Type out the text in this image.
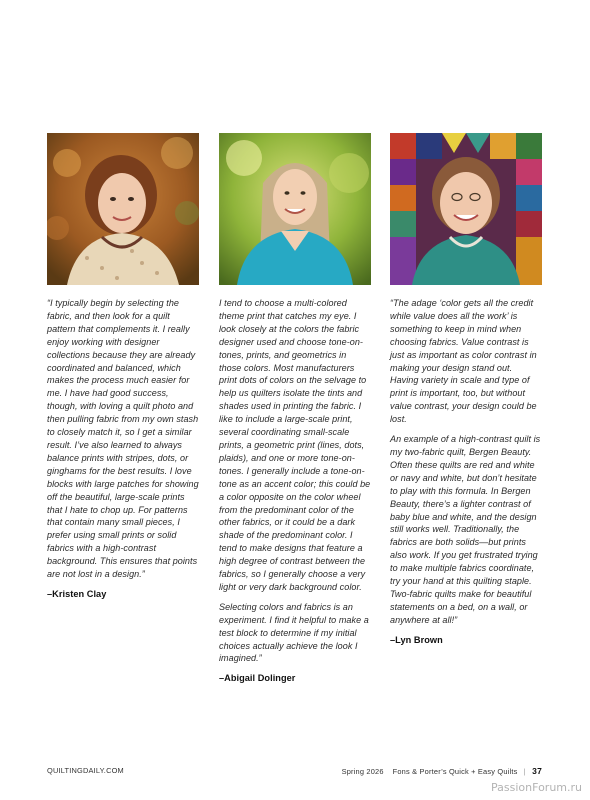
“I typically begin by selecting the fabric, and then look for a quilt pattern that complements it. I really enjoy working with designer collections because they are already coordinated and balanced, which makes the process much easier for me. I have had good success, though, with loving a quilt photo and then pulling fabric from my own stash to closely match it, so I get a similar result. I’ve also learned to always balance prints with stripes, dots, or ginghams for the best results. I love blocks with large patches for showing off the beautiful, large-scale prints that I hate to chop up. For patterns that contain many small pieces, I prefer using small prints or solid fabrics with a high-contrast background. This ensures that points are not lost in a design.”

–Kristen Clay

I tend to choose a multi-colored theme print that catches my eye. I look closely at the colors the fabric designer used and choose tone-on-tones, prints, and geometrics in those colors. Most manufacturers print dots of colors on the selvage to help us quilters isolate the tints and shades used in printing the fabric. I like to include a large-scale print, several coordinating small-scale prints, a geometric print (lines, dots, plaids), and one or more tone-on-tones. I generally include a tone-on-tone as an accent color; this could be a color opposite on the color wheel from the predominant color of the other fabrics, or it could be a dark shade of the predominant color. I tend to make designs that feature a high degree of contrast between the fabrics, so I generally choose a very light or very dark background color.

Selecting colors and fabrics is an experiment. I find it helpful to make a test block to determine if my initial choices actually achieve the look I imagined.”

–Abigail Dolinger

“The adage ‘color gets all the credit while value does all the work’ is something to keep in mind when choosing fabrics. Value contrast is just as important as color contrast in making your design stand out. Having variety in scale and type of print is important, too, but without value contrast, your design could be lost.

An example of a high-contrast quilt is my two-fabric quilt, Bergen Beauty. Often these quilts are red and white or navy and white, but don’t hesitate to play with this formula. In Bergen Beauty, there’s a lighter contrast of baby blue and white, and the design still works well. Traditionally, the fabrics are both solids—but prints also work. If you get frustrated trying to make multiple fabrics coordinate, try your hand at this quilting staple. Two-fabric quilts make for beautiful statements on a bed, on a wall, or anywhere at all!”

–Lyn Brown
QUILTINGDAILY.COM	Spring 2026 Fons & Porter’s Quick + Easy Quilts | 37
PassionForum.ru
